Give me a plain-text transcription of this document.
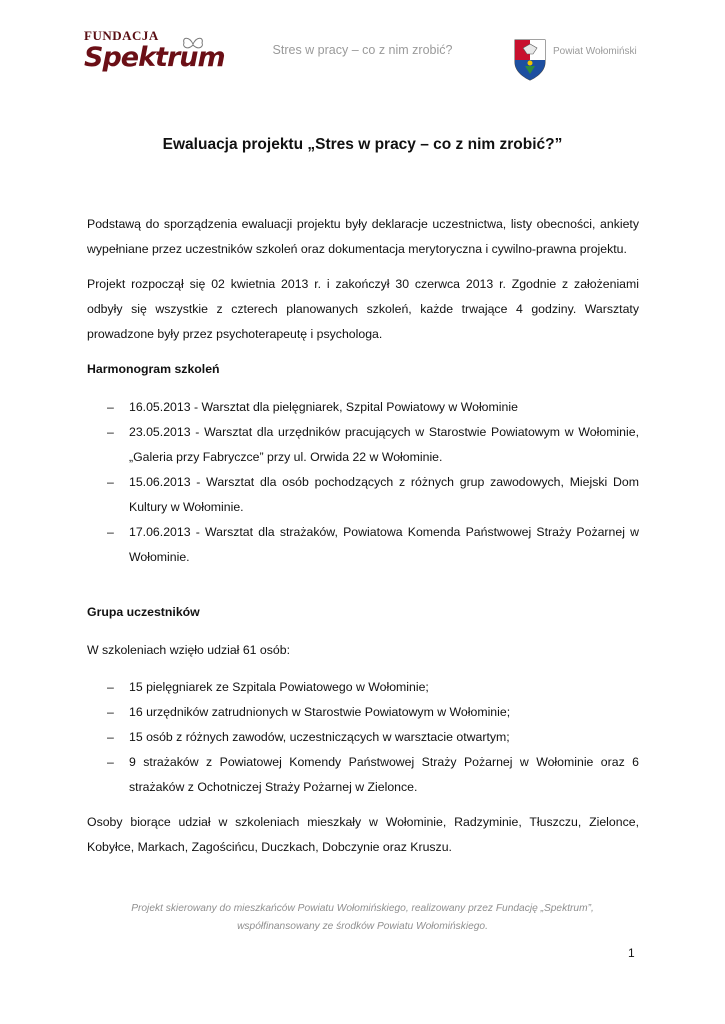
FUNDACJA
Spektrum	Stres w pracy – co z nim zrobić?	Powiat Wołomiński
Ewaluacja projektu „Stres w pracy – co z nim zrobić?”

Podstawą do sporządzenia ewaluacji projektu były deklaracje uczestnictwa, listy obecności, ankiety wypełniane przez uczestników szkoleń oraz dokumentacja merytoryczna i cywilno-prawna projektu.

Projekt rozpoczął się 02 kwietnia 2013 r. i zakończył 30 czerwca 2013 r. Zgodnie z założeniami odbyły się wszystkie z czterech planowanych szkoleń, każde trwające 4 godziny. Warsztaty prowadzone były przez psychoterapeutę i psychologa.

Harmonogram szkoleń
– 16.05.2013 - Warsztat dla pielęgniarek, Szpital Powiatowy w Wołominie
– 23.05.2013 - Warsztat dla urzędników pracujących w Starostwie Powiatowym w Wołominie, „Galeria przy Fabryczce” przy ul. Orwida 22 w Wołominie.
– 15.06.2013 - Warsztat dla osób pochodzących z różnych grup zawodowych, Miejski Dom Kultury w Wołominie.
– 17.06.2013 - Warsztat dla strażaków, Powiatowa Komenda Państwowej Straży Pożarnej w Wołominie.
Grupa uczestników

W szkoleniach wzięło udział 61 osób:

– 15 pielęgniarek ze Szpitala Powiatowego w Wołominie;
– 16 urzędników zatrudnionych w Starostwie Powiatowym w Wołominie;
– 15 osób z różnych zawodów, uczestniczących w warsztacie otwartym;
– 9 strażaków z Powiatowej Komendy Państwowej Straży Pożarnej w Wołominie oraz 6 strażaków z Ochotniczej Straży Pożarnej w Zielonce.

Osoby biorące udział w szkoleniach mieszkały w Wołominie, Radzyminie, Tłuszczu, Zielonce, Kobyłce, Markach, Zagościńcu, Duczkach, Dobczynie oraz Kruszu.

Projekt skierowany do mieszkańców Powiatu Wołomińskiego, realizowany przez Fundację „Spektrum”,
współfinansowany ze środków Powiatu Wołomińskiego.
1
